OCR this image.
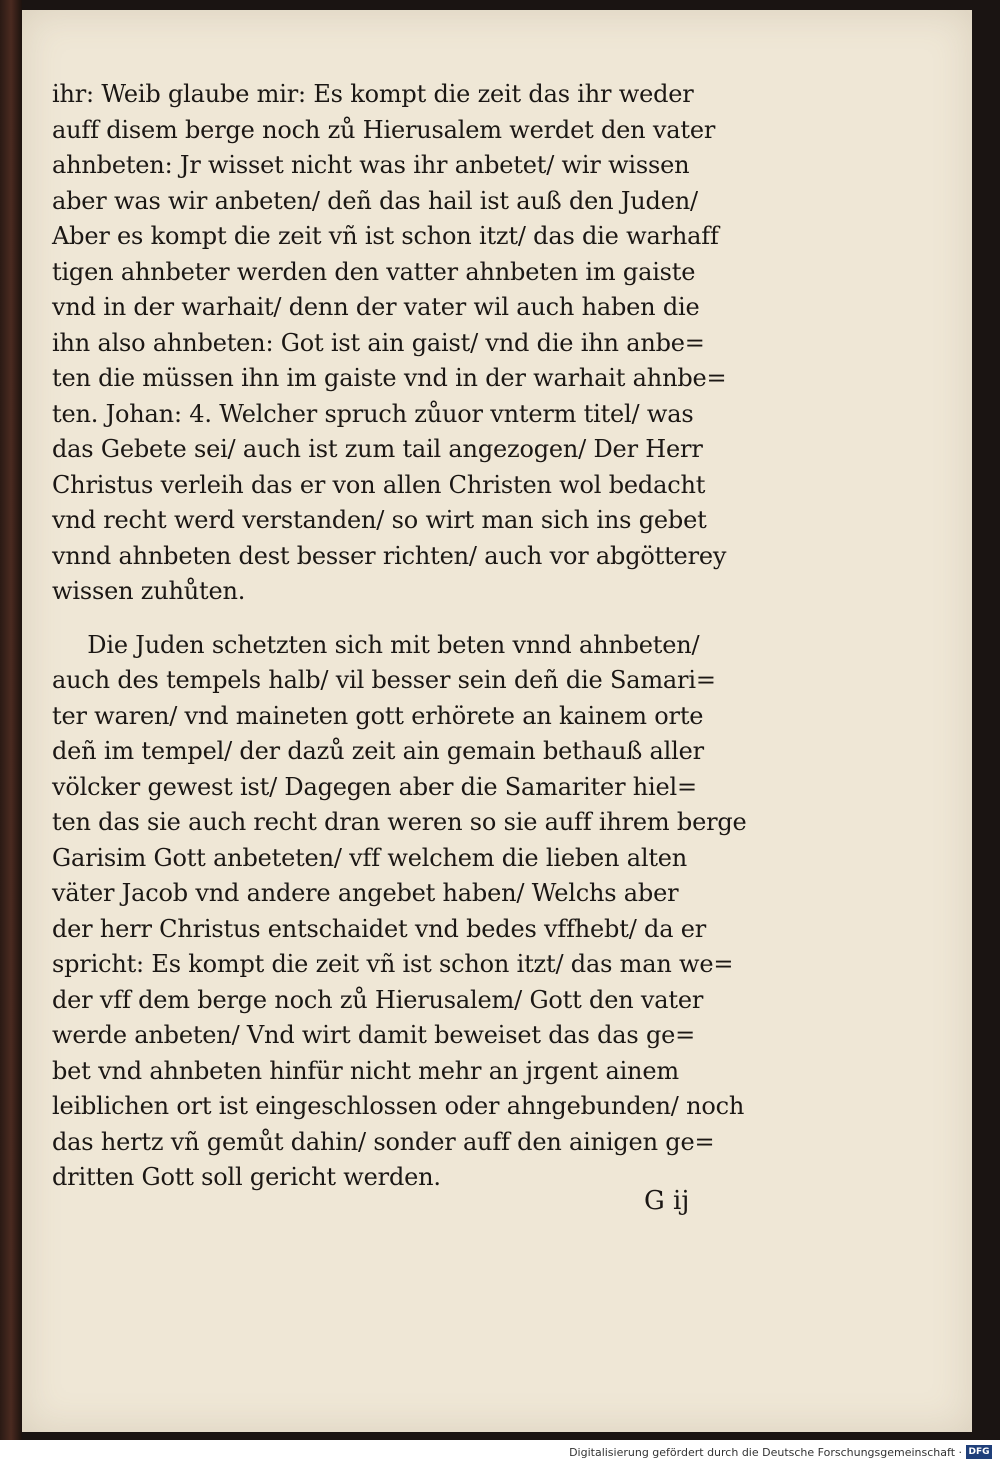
ihr: Weib glaube mir: Es kompt die zeit das ihr weder
auff disem berge noch zů Hierusalem werdet den vater
ahnbeten: Jr wisset nicht was ihr anbetet/ wir wissen
aber was wir anbeten/ deñ das hail ist auß den Juden/
Aber es kompt die zeit vñ ist schon itzt/ das die warhaff
tigen ahnbeter werden den vatter ahnbeten im gaiste
vnd in der warhait/ denn der vater wil auch haben die
ihn also ahnbeten: Got ist ain gaist/ vnd die ihn anbe=
ten die müssen ihn im gaiste vnd in der warhait ahnbe=
ten. Johan: 4. Welcher spruch zůuor vnterm titel/ was
das Gebete sei/ auch ist zum tail angezogen/ Der Herr
Christus verleih das er von allen Christen wol bedacht
vnd recht werd verstanden/ so wirt man sich ins gebet
vnnd ahnbeten dest besser richten/ auch vor abgötterey
wissen zuhůten.
Die Juden schetzten sich mit beten vnnd ahnbeten/
auch des tempels halb/ vil besser sein deñ die Samari=
ter waren/ vnd maineten gott erhörete an kainem orte
deñ im tempel/ der dazů zeit ain gemain bethauß aller
völcker gewest ist/ Dagegen aber die Samariter hiel=
ten das sie auch recht dran weren so sie auff ihrem berge
Garisim Gott anbeteten/ vff welchem die lieben alten
väter Jacob vnd andere angebet haben/ Welchs aber
der herr Christus entschaidet vnd bedes vffhebt/ da er
spricht: Es kompt die zeit vñ ist schon itzt/ das man we=
der vff dem berge noch zů Hierusalem/ Gott den vater
werde anbeten/ Vnd wirt damit beweiset das das ge=
bet vnd ahnbeten hinfür nicht mehr an jrgent ainem
leiblichen ort ist eingeschlossen oder ahngebunden/ noch
das hertz vñ gemůt dahin/ sonder auff den ainigen ge=
dritten Gott soll gericht werden.
G ij
Digitalisierung gefördert durch die Deutsche Forschungsgemeinschaft · DFG
